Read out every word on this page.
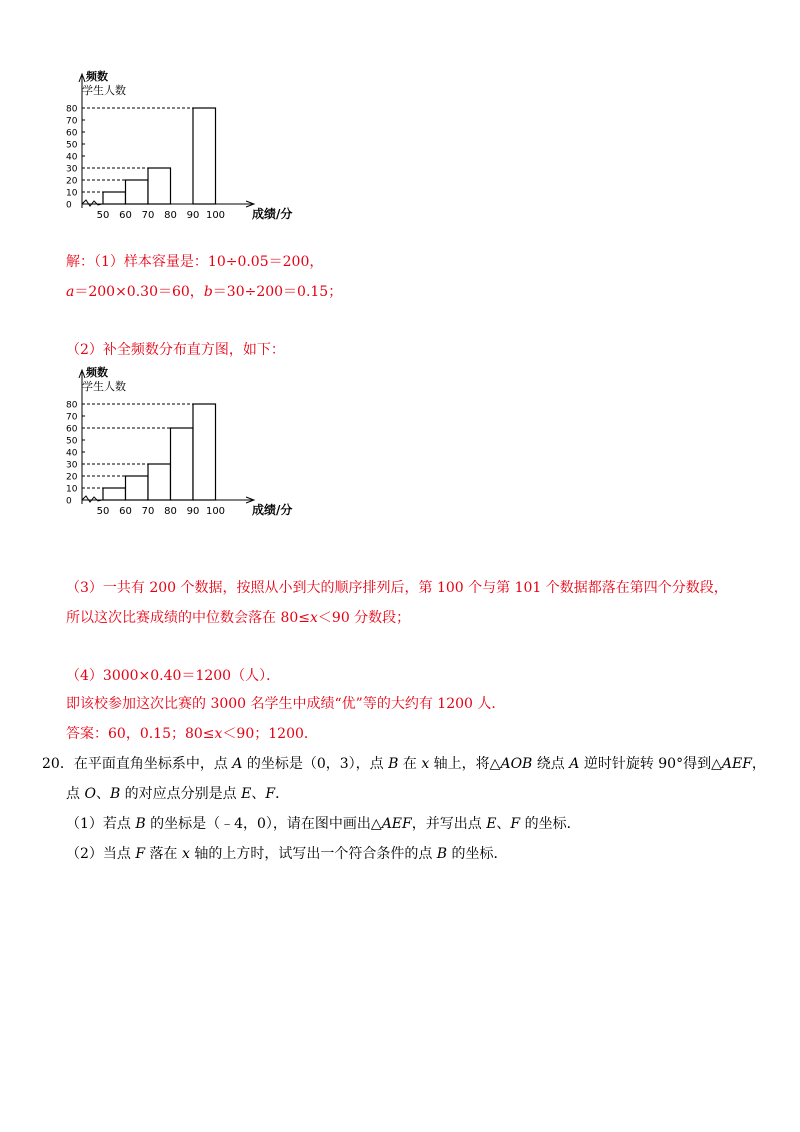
频数
学生人数
0
10
20
30
40
50
60
70
80
50 60 70 80 90 100 成绩/分
解：（1）样本容量是：10÷0.05＝200，
a＝200×0.30＝60，b＝30÷200＝0.15；
（2）补全频数分布直方图，如下：
频数
学生人数
0
10
20
30
40
50
60
70
80
50 60 70 80 90 100 成绩/分
（3）一共有 200 个数据，按照从小到大的顺序排列后，第 100 个与第 101 个数据都落在第四个分数段，
所以这次比赛成绩的中位数会落在 80≤x＜90 分数段；
（4）3000×0.40＝1200（人）．
即该校参加这次比赛的 3000 名学生中成绩“优”等的大约有 1200 人．
答案：60，0.15；80≤x＜90；1200．
20．在平面直角坐标系中，点 A 的坐标是（0，3），点 B 在 x 轴上，将△AOB 绕点 A 逆时针旋转 90°得到△AEF，
点 O、B 的对应点分别是点 E、F．
（1）若点 B 的坐标是（﹣4，0），请在图中画出△AEF，并写出点 E、F 的坐标．
（2）当点 F 落在 x 轴的上方时，试写出一个符合条件的点 B 的坐标．
